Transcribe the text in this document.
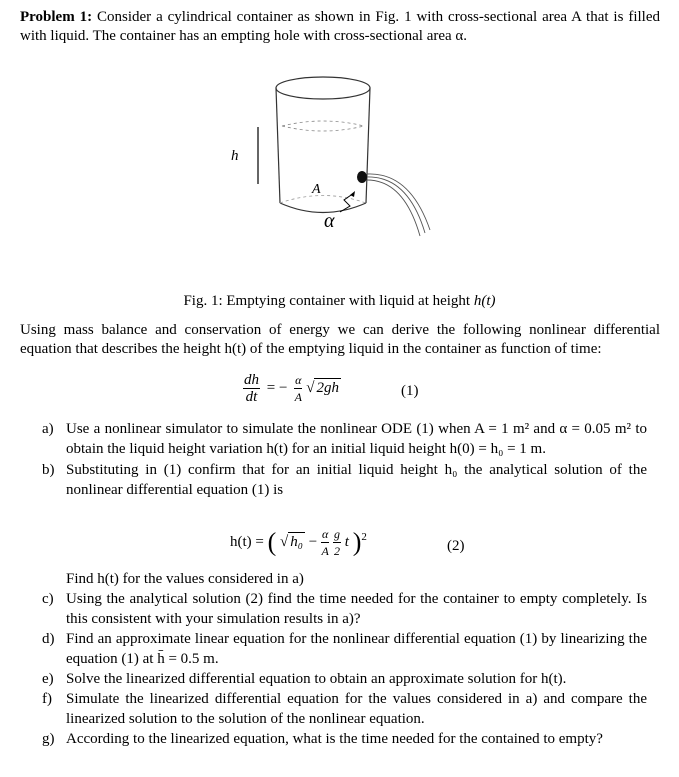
Problem 1: Consider a cylindrical container as shown in Fig. 1 with cross-sectional area A that is filled with liquid. The container has an empting hole with cross-sectional area α.
h
A
α
Fig. 1: Emptying container with liquid at height h(t)
Using mass balance and conservation of energy we can derive the following nonlinear differential equation that describes the height h(t) of the emptying liquid in the container as function of time:
$\frac{dh}{dt}$ = − $\frac{\alpha}{A}$ √ 2gh	(1)
a) Use a nonlinear simulator to simulate the nonlinear ODE (1) when A = 1 m² and α = 0.05 m² to obtain the liquid height variation h(t) for an initial liquid height h(0) = h₀ = 1 m.
b) Substituting in (1) confirm that for an initial liquid height h₀ the analytical solution of the nonlinear differential equation (1) is
h(t) = ( √ $h_0 - \frac{\alpha}{A}$
$\frac{g}{2}$ t )$^2$
(2)
Find h(t) for the values considered in a)
c) Using the analytical solution (2) find the time needed for the container to empty completely. Is this consistent with your simulation results in a)?
d) Find an approximate linear equation for the nonlinear differential equation (1) by linearizing the equation (1) at h̄ = 0.5 m.
e) Solve the linearized differential equation to obtain an approximate solution for h(t).
f) Simulate the linearized differential equation for the values considered in a) and compare the linearized solution to the solution of the nonlinear equation.
g) According to the linearized equation, what is the time needed for the contained to empty?
